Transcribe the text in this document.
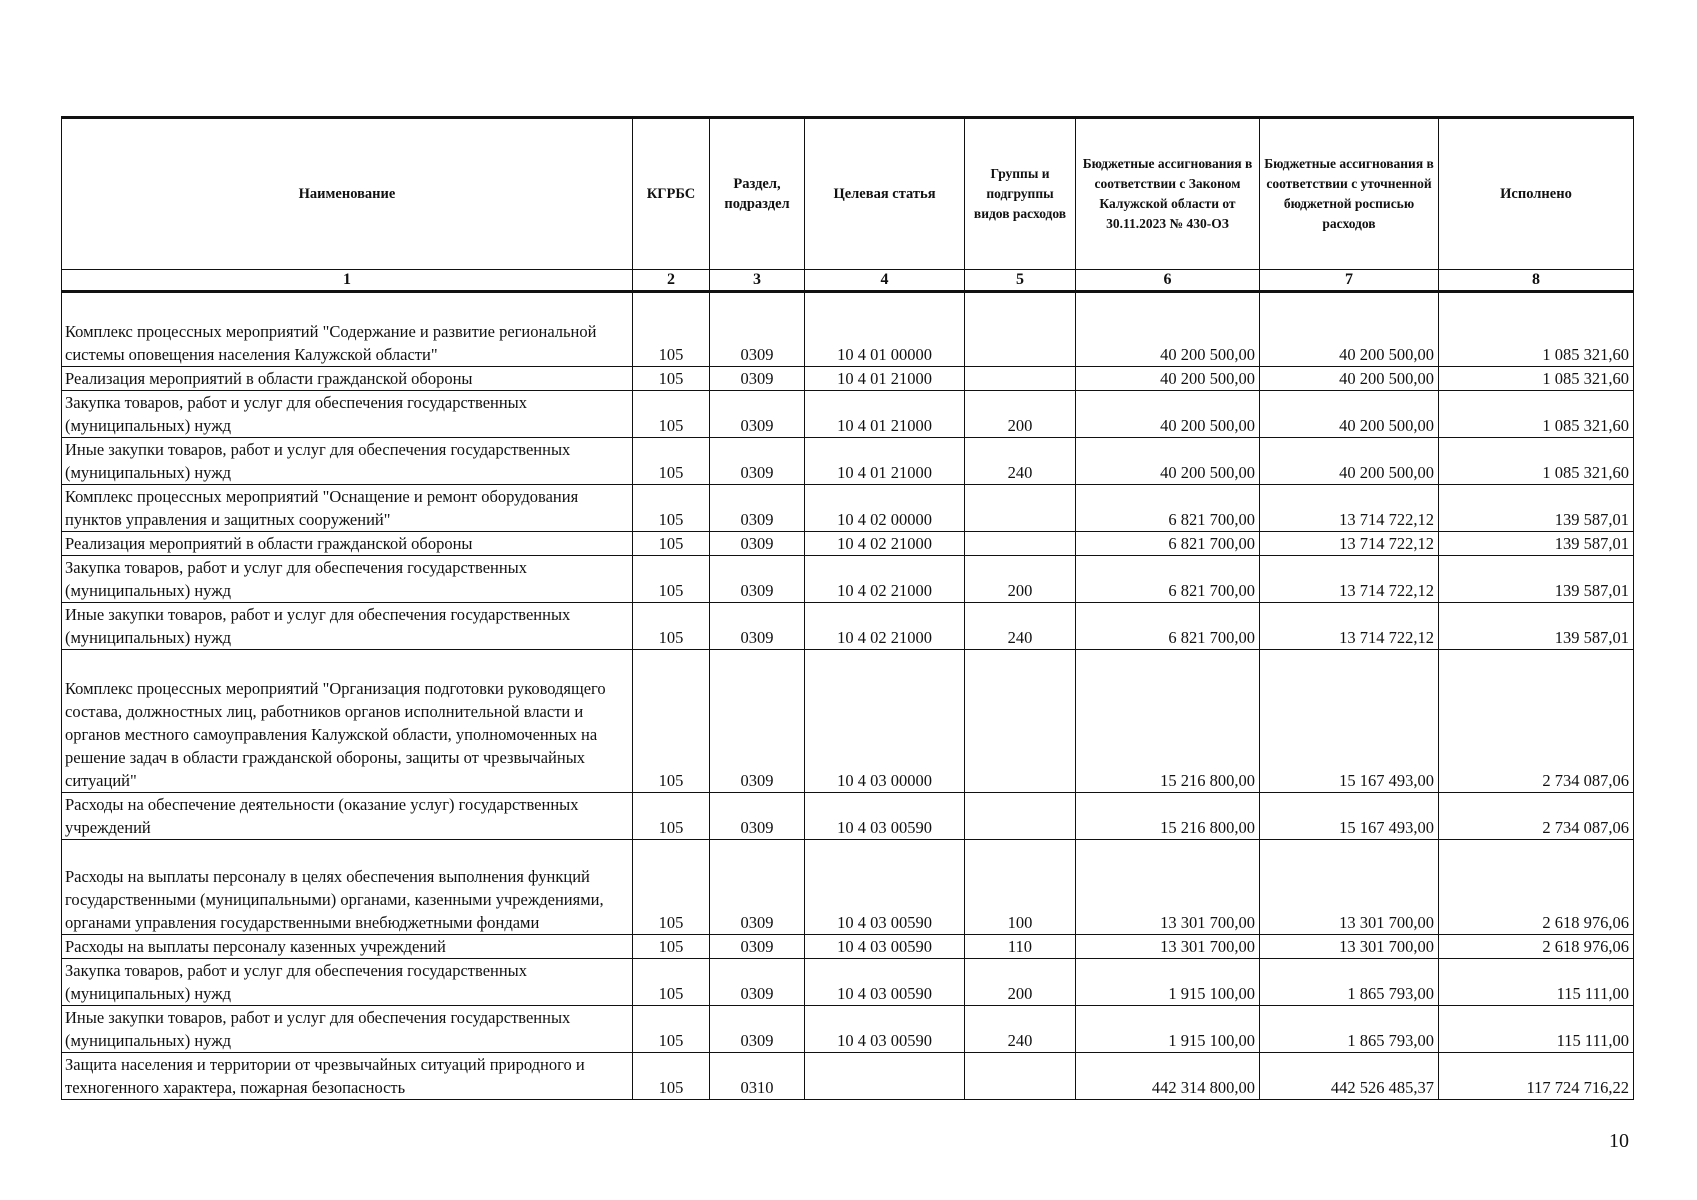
Наименование	КГРБС	Раздел, подраздел	Целевая статья	Группы и подгруппы видов расходов	Бюджетные ассигнования в соответствии с Законом Калужской области от 30.11.2023 № 430-ОЗ	Бюджетные ассигнования в соответствии с уточненной бюджетной росписью расходов	Исполнено
1	2	3	4	5	6	7	8
Комплекс процессных мероприятий "Содержание и развитие региональной системы оповещения населения Калужской области"	105	0309	10 4 01 00000		40 200 500,00	40 200 500,00	1 085 321,60
Реализация мероприятий в области гражданской обороны	105	0309	10 4 01 21000		40 200 500,00	40 200 500,00	1 085 321,60
Закупка товаров, работ и услуг для обеспечения государственных (муниципальных) нужд	105	0309	10 4 01 21000	200	40 200 500,00	40 200 500,00	1 085 321,60
Иные закупки товаров, работ и услуг для обеспечения государственных (муниципальных) нужд	105	0309	10 4 01 21000	240	40 200 500,00	40 200 500,00	1 085 321,60
Комплекс процессных мероприятий "Оснащение и ремонт оборудования пунктов управления и защитных сооружений"	105	0309	10 4 02 00000		6 821 700,00	13 714 722,12	139 587,01
Реализация мероприятий в области гражданской обороны	105	0309	10 4 02 21000		6 821 700,00	13 714 722,12	139 587,01
Закупка товаров, работ и услуг для обеспечения государственных (муниципальных) нужд	105	0309	10 4 02 21000	200	6 821 700,00	13 714 722,12	139 587,01
Иные закупки товаров, работ и услуг для обеспечения государственных (муниципальных) нужд	105	0309	10 4 02 21000	240	6 821 700,00	13 714 722,12	139 587,01
Комплекс процессных мероприятий "Организация подготовки руководящего состава, должностных лиц, работников органов исполнительной власти и органов местного самоуправления Калужской области, уполномоченных на решение задач в области гражданской обороны, защиты от чрезвычайных ситуаций"	105	0309	10 4 03 00000		15 216 800,00	15 167 493,00	2 734 087,06
Расходы на обеспечение деятельности (оказание услуг) государственных учреждений	105	0309	10 4 03 00590		15 216 800,00	15 167 493,00	2 734 087,06
Расходы на выплаты персоналу в целях обеспечения выполнения функций государственными (муниципальными) органами, казенными учреждениями, органами управления государственными внебюджетными фондами	105	0309	10 4 03 00590	100	13 301 700,00	13 301 700,00	2 618 976,06
Расходы на выплаты персоналу казенных учреждений	105	0309	10 4 03 00590	110	13 301 700,00	13 301 700,00	2 618 976,06
Закупка товаров, работ и услуг для обеспечения государственных (муниципальных) нужд	105	0309	10 4 03 00590	200	1 915 100,00	1 865 793,00	115 111,00
Иные закупки товаров, работ и услуг для обеспечения государственных (муниципальных) нужд	105	0309	10 4 03 00590	240	1 915 100,00	1 865 793,00	115 111,00
Защита населения и территории от чрезвычайных ситуаций природного и техногенного характера, пожарная безопасность	105	0310			442 314 800,00	442 526 485,37	117 724 716,22
10
